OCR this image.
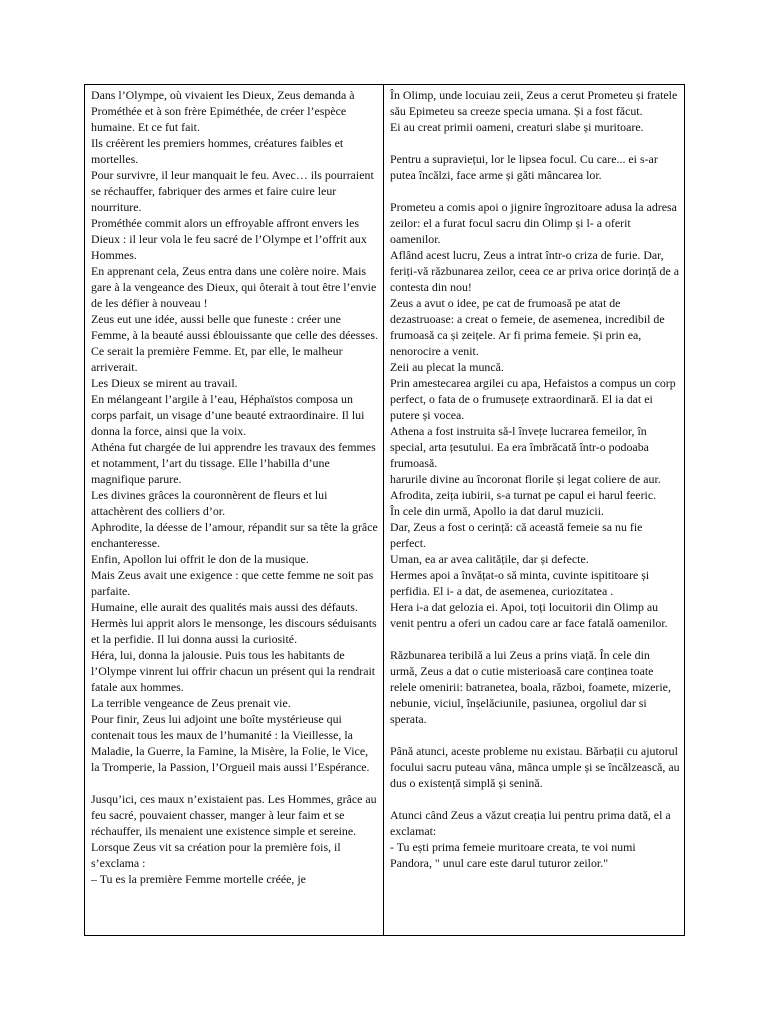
Dans l’Olympe, où vivaient les Dieux, Zeus demanda à Prométhée et à son frère Epiméthée, de créer l’espèce humaine. Et ce fut fait.

Ils créèrent les premiers hommes, créatures faibles et mortelles.

Pour survivre, il leur manquait le feu. Avec… ils pourraient se réchauffer, fabriquer des armes et faire cuire leur nourriture.

Prométhée commit alors un effroyable affront envers les Dieux : il leur vola le feu sacré de l’Olympe et l’offrit aux Hommes.

En apprenant cela, Zeus entra dans une colère noire. Mais gare à la vengeance des Dieux, qui ôterait à tout être l’envie de les défier à nouveau !

Zeus eut une idée, aussi belle que funeste : créer une Femme, à la beauté aussi éblouissante que celle des déesses. Ce serait la première Femme. Et, par elle, le malheur arriverait.

Les Dieux se mirent au travail.

En mélangeant l’argile à l’eau, Héphaïstos composa un corps parfait, un visage d’une beauté extraordinaire. Il lui donna la force, ainsi que la voix.

Athéna fut chargée de lui apprendre les travaux des femmes et notamment, l’art du tissage. Elle l’habilla d’une magnifique parure.

Les divines grâces la couronnèrent de fleurs et lui attachèrent des colliers d’or.

Aphrodite, la déesse de l’amour, répandit sur sa tête la grâce enchanteresse.

Enfin, Apollon lui offrit le don de la musique.

Mais Zeus avait une exigence : que cette femme ne soit pas parfaite.

Humaine, elle aurait des qualités mais aussi des défauts.

Hermès lui apprit alors le mensonge, les discours séduisants et la perfidie. Il lui donna aussi la curiosité.

Héra, lui, donna la jalousie. Puis tous les habitants de l’Olympe vinrent lui offrir chacun un présent qui la rendrait fatale aux hommes.

La terrible vengeance de Zeus prenait vie.

Pour finir, Zeus lui adjoint une boîte mystérieuse qui contenait tous les maux de l’humanité : la Vieillesse, la Maladie, la Guerre, la Famine, la Misère, la Folie, le Vice, la Tromperie, la Passion, l’Orgueil mais aussi l’Espérance.

Jusqu’ici, ces maux n’existaient pas. Les Hommes, grâce au feu sacré, pouvaient chasser, manger à leur faim et se réchauffer, ils menaient une existence simple et sereine.

Lorsque Zeus vit sa création pour la première fois, il s’exclama :

– Tu es la première Femme mortelle créée, je

În Olimp, unde locuiau zeii, Zeus a cerut Prometeu și fratele său Epimeteu sa creeze specia umana. Și a fost făcut.

Ei au creat primii oameni, creaturi slabe și muritoare.

Pentru a supraviețui, lor le lipsea focul. Cu care... ei s-ar putea încălzi, face arme și găti mâncarea lor.

Prometeu a comis apoi o jignire îngrozitoare adusa la adresa zeilor: el a furat focul sacru din Olimp și l- a oferit oamenilor.

Aflând acest lucru, Zeus a intrat într-o criza de furie. Dar, feriți-vă răzbunarea zeilor, ceea ce ar priva orice dorință de a contesta din nou!

Zeus a avut o idee, pe cat de frumoasă pe atat de dezastruoase: a creat o femeie, de asemenea, incredibil de frumoasă ca și zeițele. Ar fi prima femeie. Și prin ea, nenorocire a venit.

Zeii au plecat la muncă.

Prin amestecarea argilei cu apa, Hefaistos a compus un corp perfect, o fata de o frumusețe extraordinară. El ia dat ei putere și vocea.

Athena a fost instruita să-l învețe lucrarea femeilor, în special, arta țesutului. Ea era îmbrăcată într-o podoaba frumoasă.

harurile divine au încoronat florile și legat coliere de aur.

Afrodita, zeița iubirii, s-a turnat pe capul ei harul feeric.

În cele din urmă, Apollo ia dat darul muzicii.

Dar, Zeus a fost o cerință: că această femeie sa nu fie perfect.

Uman, ea ar avea calitățile, dar și defecte.

Hermes apoi a învățat-o să minta, cuvinte ispititoare și perfidia. El i- a dat, de asemenea, curiozitatea .

Hera i-a dat gelozia ei. Apoi, toți locuitorii din Olimp au venit pentru a oferi un cadou care ar face fatală oamenilor.

Răzbunarea teribilă a lui Zeus a prins viață. În cele din urmă, Zeus a dat o cutie misterioasă care conținea toate relele omenirii: batranetea, boala, război, foamete, mizerie, nebunie, viciul, înșelăciunile, pasiunea, orgoliul dar si sperata.

Până atunci, aceste probleme nu existau. Bărbații cu ajutorul focului sacru puteau vâna, mânca umple și se încălzească, au dus o existență simplă și senină.

Atunci când Zeus a văzut creația lui pentru prima dată, el a exclamat:

- Tu ești prima femeie muritoare creata, te voi numi Pandora, " unul care este darul tuturor zeilor."
